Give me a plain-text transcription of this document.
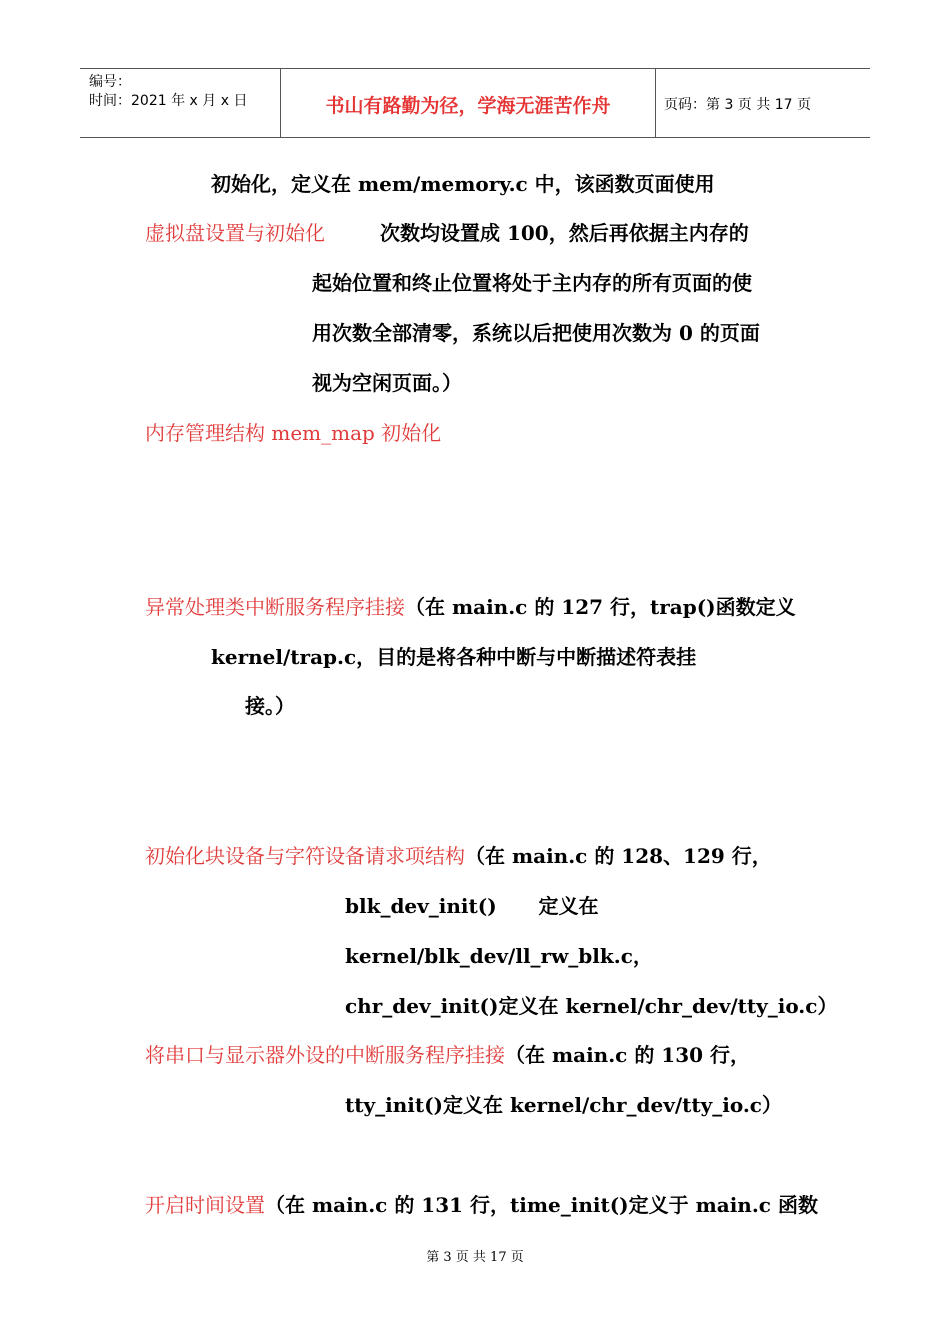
编号：
时间：2021 年 x 月 x 日	书山有路勤为径，学海无涯苦作舟	页码：第 3 页 共 17 页
初始化，定义在 mem/memory.c 中，该函数页面使用
虚拟盘设置与初始化	次数均设置成 100，然后再依据主内存的
起始位置和终止位置将处于主内存的所有页面的使
用次数全部清零，系统以后把使用次数为 0 的页面
视为空闲页面。）
内存管理结构 mem_map 初始化
异常处理类中断服务程序挂接（在 main.c 的 127 行，trap()函数定义
kernel/trap.c，目的是将各种中断与中断描述符表挂
接。）
初始化块设备与字符设备请求项结构（在 main.c 的 128、129 行，
blk_dev_init()      定义在
kernel/blk_dev/ll_rw_blk.c，
chr_dev_init()定义在 kernel/chr_dev/tty_io.c）
将串口与显示器外设的中断服务程序挂接（在 main.c 的 130 行，
tty_init()定义在 kernel/chr_dev/tty_io.c）
开启时间设置（在 main.c 的 131 行，time_init()定义于 main.c 函数
第 3 页 共 17 页
